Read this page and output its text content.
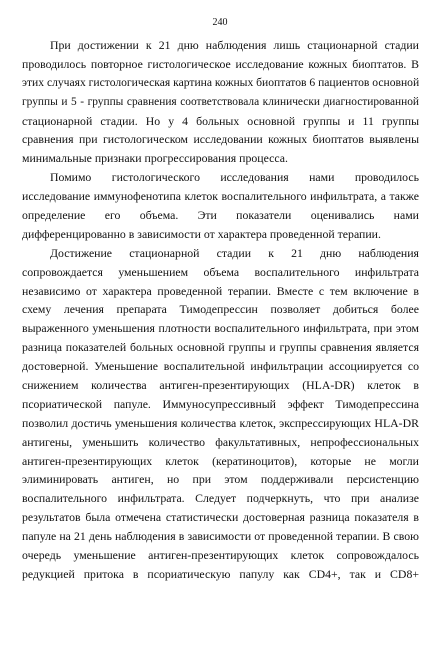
240
При достижении к 21 дню наблюдения лишь стационарной стадии
проводилось повторное гистологическое исследование кожных биоптатов. В
этих случаях гистологическая картина кожных биоптатов 6 пациентов основной
группы и 5 - группы сравнения соответствовала клинически диагностированной
стационарной стадии. Но у 4 больных основной группы и 11 группы
сравнения при гистологическом исследовании кожных биоптатов выявлены
минимальные признаки прогрессирования процесса.
Помимо гистологического исследования нами проводилось
исследование иммунофенотипа клеток воспалительного инфильтрата, а также
определение его объема. Эти показатели оценивались нами
дифференцированно в зависимости от характера проведенной терапии.
Достижение стационарной стадии к 21 дню наблюдения
сопровождается уменьшением объема воспалительного инфильтрата
независимо от характера проведенной терапии. Вместе с тем включение в
схему лечения препарата Тимодепрессин позволяет добиться более
выраженного уменьшения плотности воспалительного инфильтрата, при этом
разница показателей больных основной группы и группы сравнения является
достоверной. Уменьшение воспалительной инфильтрации ассоциируется со
снижением количества антиген-презентирующих (HLA-DR) клеток в
псориатической папуле. Иммуносупрессивный эффект Тимодепрессина
позволил достичь уменьшения количества клеток, экспрессирующих HLA-DR
антигены, уменьшить количество факультативных, непрофессиональных
антиген-презентирующих клеток (кератиноцитов), которые не могли
элиминировать антиген, но при этом поддерживали персистенцию
воспалительного инфильтрата. Следует подчеркнуть, что при анализе
результатов была отмечена статистически достоверная разница показателя в
папуле на 21 день наблюдения в зависимости от проведенной терапии. В свою
очередь уменьшение антиген-презентирующих клеток сопровождалось
редукцией притока в псориатическую папулу как CD4+, так и CD8+
